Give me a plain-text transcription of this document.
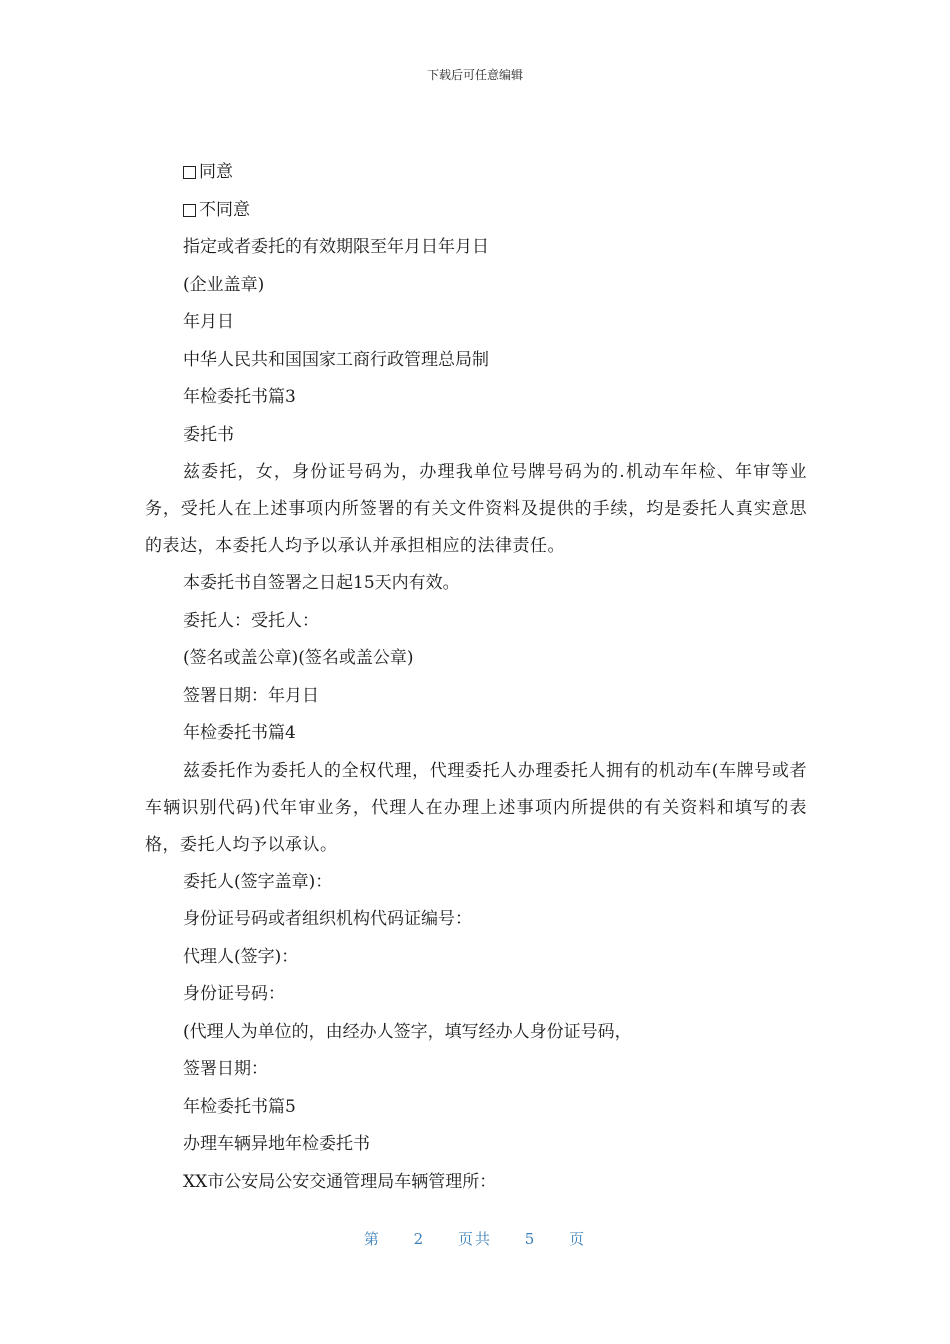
下载后可任意编辑
同意
不同意
指定或者委托的有效期限至年月日年月日
(企业盖章)
年月日
中华人民共和国国家工商行政管理总局制
年检委托书篇3
委托书
兹委托，女，身份证号码为，办理我单位号牌号码为的.机动车年检、年审等业务，受托人在上述事项内所签署的有关文件资料及提供的手续，均是委托人真实意思的表达，本委托人均予以承认并承担相应的法律责任。
本委托书自签署之日起15天内有效。
委托人：受托人：
(签名或盖公章)(签名或盖公章)
签署日期：年月日
年检委托书篇4
兹委托作为委托人的全权代理，代理委托人办理委托人拥有的机动车(车牌号或者车辆识别代码)代年审业务，代理人在办理上述事项内所提供的有关资料和填写的表格，委托人均予以承认。
委托人(签字盖章)：
身份证号码或者组织机构代码证编号：
代理人(签字)：
身份证号码：
(代理人为单位的，由经办人签字，填写经办人身份证号码，
签署日期：
年检委托书篇5
办理车辆异地年检委托书
XX市公安局公安交通管理局车辆管理所：
第 2 页共 5 页
